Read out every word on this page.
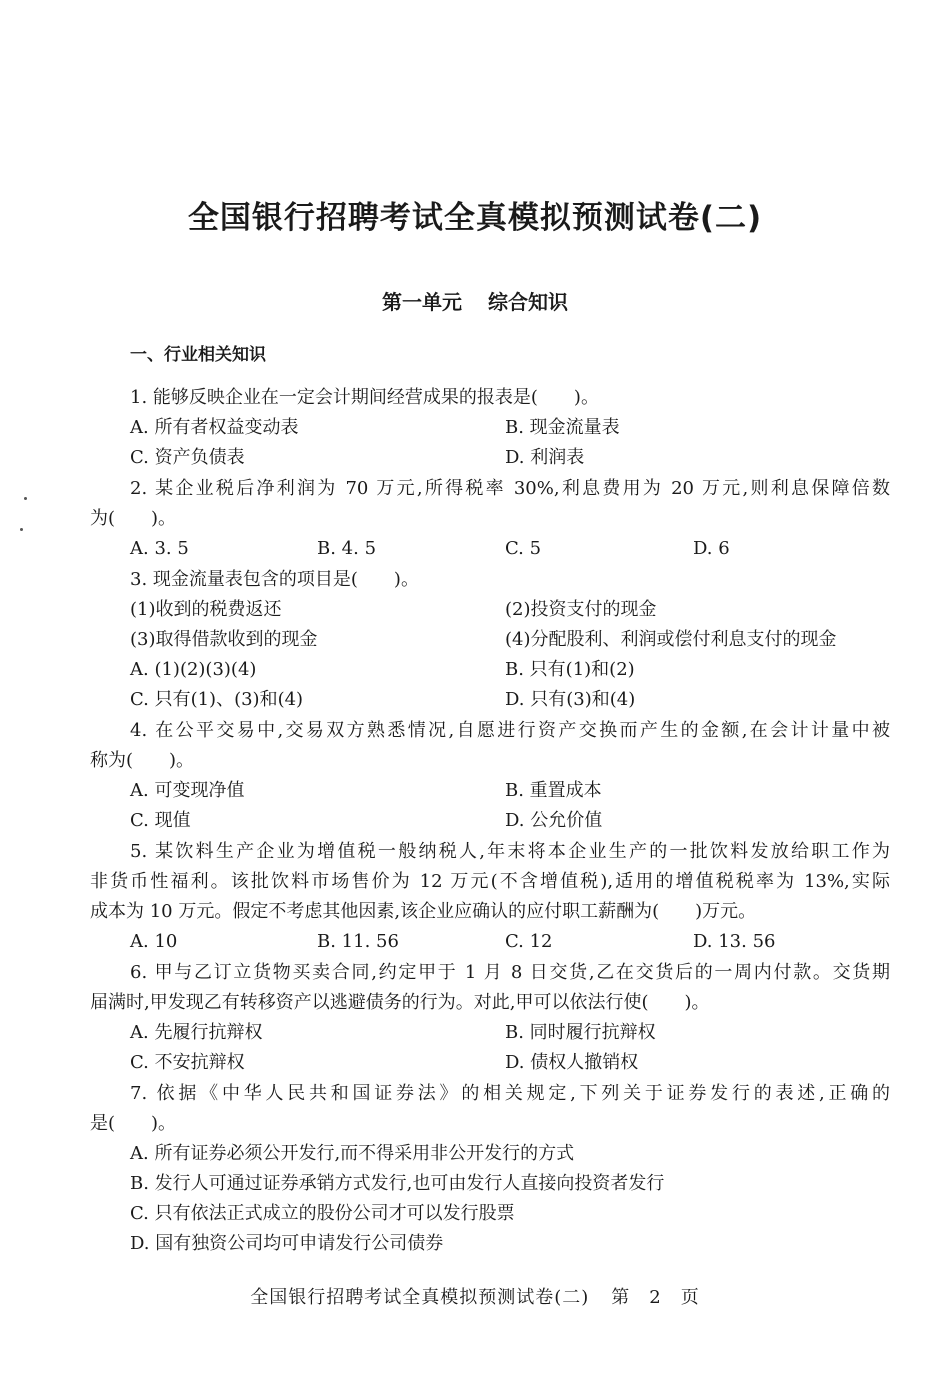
全国银行招聘考试全真模拟预测试卷(二)
第一单元 综合知识
一、行业相关知识
1. 能够反映企业在一定会计期间经营成果的报表是(　　)。
A. 所有者权益变动表	B. 现金流量表
C. 资产负债表	D. 利润表
2. 某企业税后净利润为 70 万元,所得税率 30%,利息费用为 20 万元,则利息保障倍数
为(　　)。
A. 3. 5	B. 4. 5	C. 5	D. 6
3. 现金流量表包含的项目是(　　)。
(1)收到的税费返还	(2)投资支付的现金
(3)取得借款收到的现金	(4)分配股利、利润或偿付利息支付的现金
A. (1)(2)(3)(4)	B. 只有(1)和(2)
C. 只有(1)、(3)和(4)	D. 只有(3)和(4)
4. 在公平交易中,交易双方熟悉情况,自愿进行资产交换而产生的金额,在会计计量中被
称为(　　)。
A. 可变现净值	B. 重置成本
C. 现值	D. 公允价值
5. 某饮料生产企业为增值税一般纳税人,年末将本企业生产的一批饮料发放给职工作为
非货币性福利。该批饮料市场售价为 12 万元(不含增值税),适用的增值税税率为 13%,实际
成本为 10 万元。假定不考虑其他因素,该企业应确认的应付职工薪酬为(　　)万元。
A. 10	B. 11. 56	C. 12	D. 13. 56
6. 甲与乙订立货物买卖合同,约定甲于 1 月 8 日交货,乙在交货后的一周内付款。交货期
届满时,甲发现乙有转移资产以逃避债务的行为。对此,甲可以依法行使(　　)。
A. 先履行抗辩权	B. 同时履行抗辩权
C. 不安抗辩权	D. 债权人撤销权
7. 依据《中华人民共和国证券法》的相关规定,下列关于证券发行的表述,正确的
是(　　)。
A. 所有证券必须公开发行,而不得采用非公开发行的方式
B. 发行人可通过证券承销方式发行,也可由发行人直接向投资者发行
C. 只有依法正式成立的股份公司才可以发行股票
D. 国有独资公司均可申请发行公司债券
全国银行招聘考试全真模拟预测试卷(二) 第　2　页
